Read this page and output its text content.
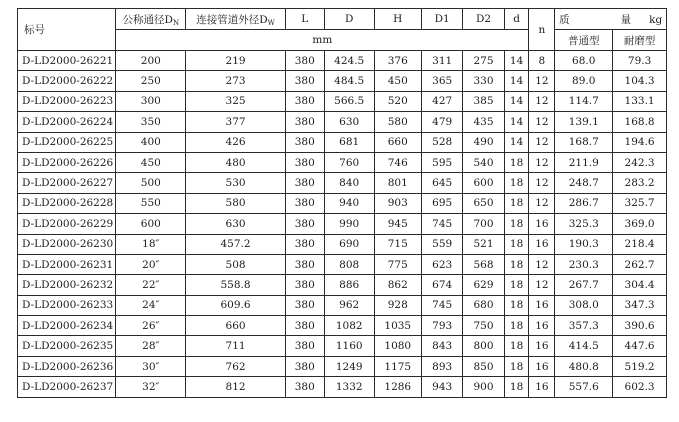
标号	公称通径$D_N$	连接管道外径$D_W$	L	D	H	D1	D2	d	n	质　　量 kg	
	mm									普通型	耐磨型
D-LD2000-26221	200	219	380	424.5	376	311	275	14	8	68.0	79.3
D-LD2000-26222	250	273	380	484.5	450	365	330	14	12	89.0	104.3
D-LD2000-26223	300	325	380	566.5	520	427	385	14	12	114.7	133.1
D-LD2000-26224	350	377	380	630	580	479	435	14	12	139.1	168.8
D-LD2000-26225	400	426	380	681	660	528	490	14	12	168.7	194.6
D-LD2000-26226	450	480	380	760	746	595	540	18	12	211.9	242.3
D-LD2000-26227	500	530	380	840	801	645	600	18	12	248.7	283.2
D-LD2000-26228	550	580	380	940	903	695	650	18	12	286.7	325.7
D-LD2000-26229	600	630	380	990	945	745	700	18	16	325.3	369.0
D-LD2000-26230	18″	457.2	380	690	715	559	521	18	16	190.3	218.4
D-LD2000-26231	20″	508	380	808	775	623	568	18	12	230.3	262.7
D-LD2000-26232	22″	558.8	380	886	862	674	629	18	12	267.7	304.4
D-LD2000-26233	24″	609.6	380	962	928	745	680	18	16	308.0	347.3
D-LD2000-26234	26″	660	380	1082	1035	793	750	18	16	357.3	390.6
D-LD2000-26235	28″	711	380	1160	1080	843	800	18	16	414.5	447.6
D-LD2000-26236	30″	762	380	1249	1175	893	850	18	16	480.8	519.2
D-LD2000-26237	32″	812	380	1332	1286	943	900	18	16	557.6	602.3
